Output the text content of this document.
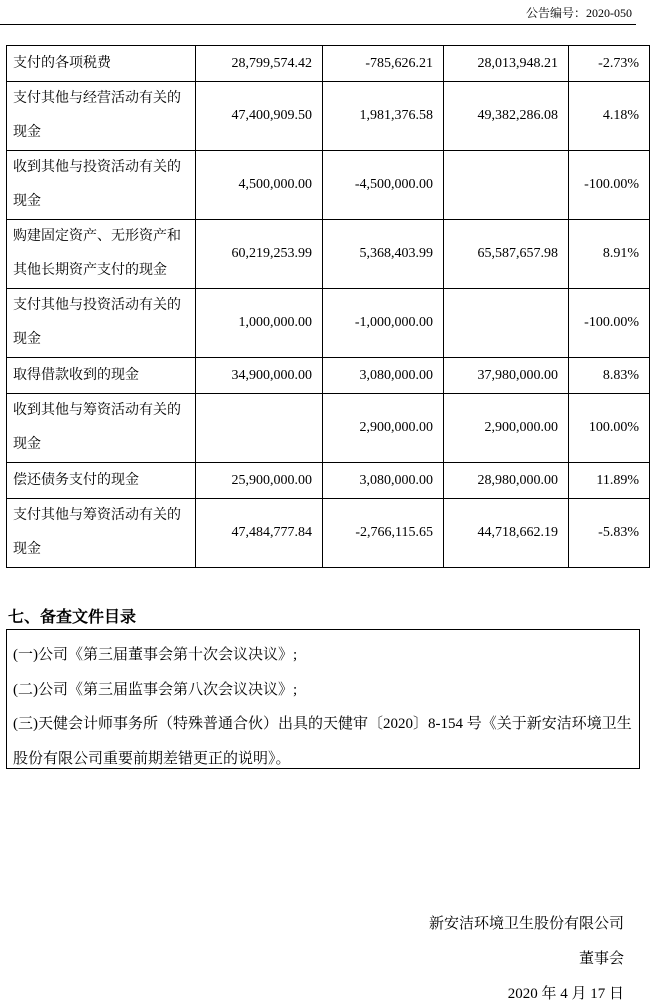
公告编号：2020-050
支付的各项税费	28,799,574.42	-785,626.21	28,013,948.21	-2.73%
支付其他与经营活动有关的现金	47,400,909.50	1,981,376.58	49,382,286.08	4.18%
收到其他与投资活动有关的现金	4,500,000.00	-4,500,000.00		-100.00%
购建固定资产、无形资产和其他长期资产支付的现金	60,219,253.99	5,368,403.99	65,587,657.98	8.91%
支付其他与投资活动有关的现金	1,000,000.00	-1,000,000.00		-100.00%
取得借款收到的现金	34,900,000.00	3,080,000.00	37,980,000.00	8.83%
收到其他与筹资活动有关的现金		2,900,000.00	2,900,000.00	100.00%
偿还债务支付的现金	25,900,000.00	3,080,000.00	28,980,000.00	11.89%
支付其他与筹资活动有关的现金	47,484,777.84	-2,766,115.65	44,718,662.19	-5.83%
七、备查文件目录

(一)公司《第三届董事会第十次会议决议》;

(二)公司《第三届监事会第八次会议决议》;

(三)天健会计师事务所（特殊普通合伙）出具的天健审〔2020〕8-154 号《关于新安洁环境卫生股份有限公司重要前期差错更正的说明》。

新安洁环境卫生股份有限公司
董事会
2020 年 4 月 17 日
